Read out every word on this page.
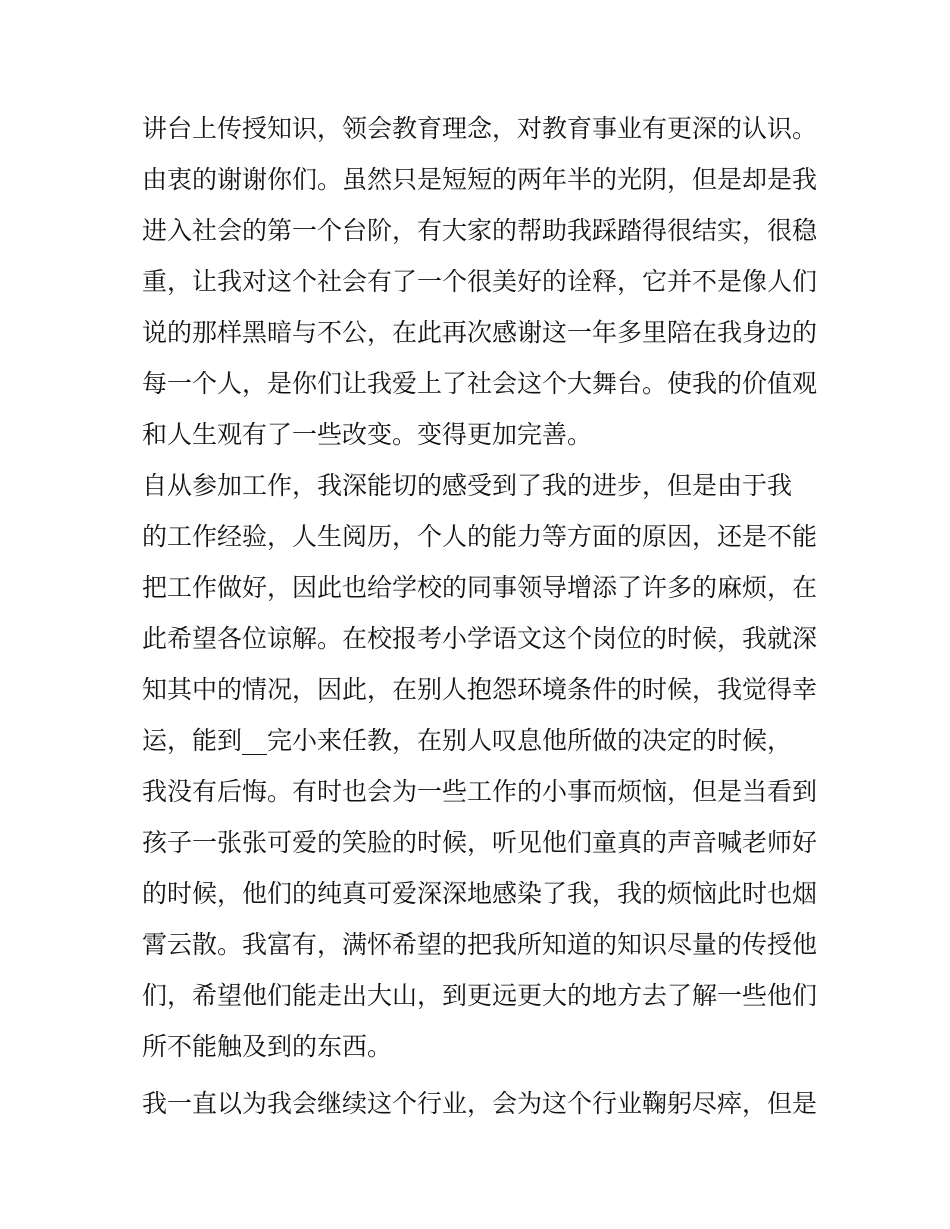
讲台上传授知识，领会教育理念，对教育事业有更深的认识。
由衷的谢谢你们。虽然只是短短的两年半的光阴，但是却是我
进入社会的第一个台阶，有大家的帮助我踩踏得很结实，很稳
重，让我对这个社会有了一个很美好的诠释，它并不是像人们
说的那样黑暗与不公，在此再次感谢这一年多里陪在我身边的
每一个人，是你们让我爱上了社会这个大舞台。使我的价值观
和人生观有了一些改变。变得更加完善。
自从参加工作，我深能切的感受到了我的进步，但是由于我
的工作经验，人生阅历，个人的能力等方面的原因，还是不能
把工作做好，因此也给学校的同事领导增添了许多的麻烦，在
此希望各位谅解。在校报考小学语文这个岗位的时候，我就深
知其中的情况，因此，在别人抱怨环境条件的时候，我觉得幸
运，能到__完小来任教，在别人叹息他所做的决定的时候，
我没有后悔。有时也会为一些工作的小事而烦恼，但是当看到
孩子一张张可爱的笑脸的时候，听见他们童真的声音喊老师好
的时候，他们的纯真可爱深深地感染了我，我的烦恼此时也烟
霄云散。我富有，满怀希望的把我所知道的知识尽量的传授他
们，希望他们能走出大山，到更远更大的地方去了解一些他们
所不能触及到的东西。
我一直以为我会继续这个行业，会为这个行业鞠躬尽瘁，但是
